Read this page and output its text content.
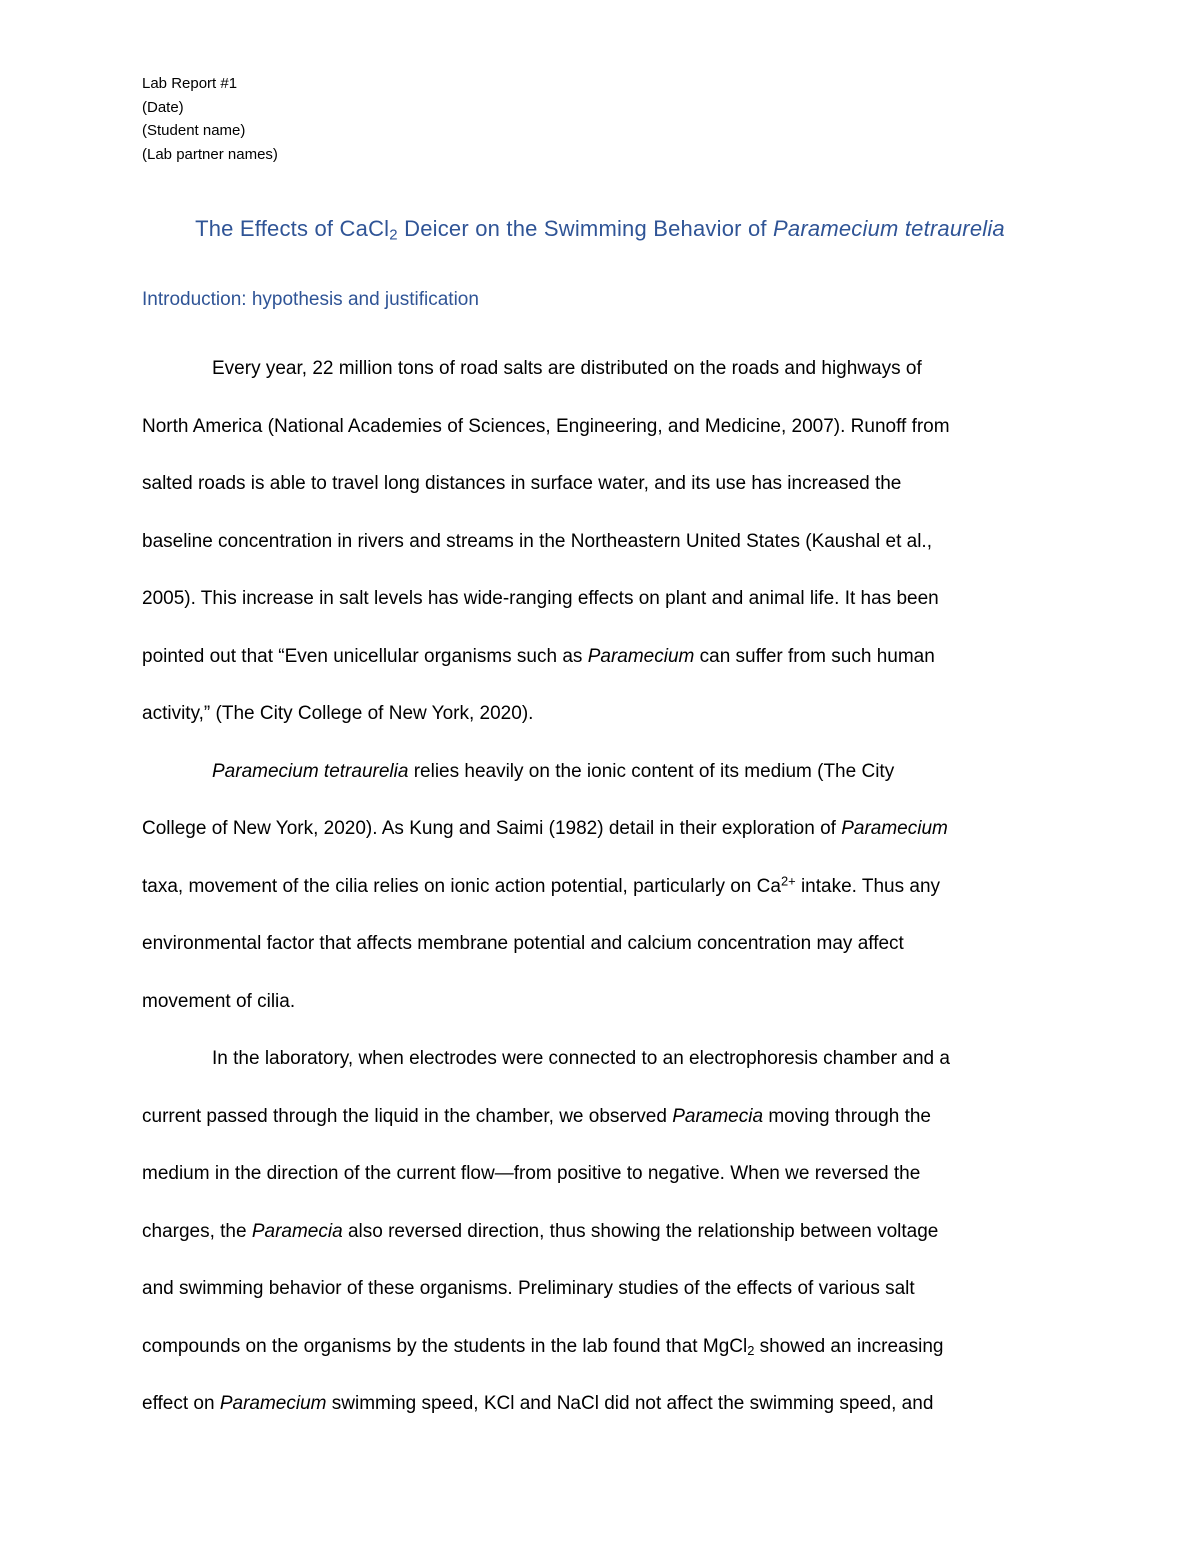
Lab Report #1
(Date)
(Student name)
(Lab partner names)
The Effects of CaCl$_2$ Deicer on the Swimming Behavior of Paramecium tetraurelia
Introduction: hypothesis and justification
Every year, 22 million tons of road salts are distributed on the roads and highways of
North America (National Academies of Sciences, Engineering, and Medicine, 2007). Runoff from
salted roads is able to travel long distances in surface water, and its use has increased the
baseline concentration in rivers and streams in the Northeastern United States (Kaushal et al.,
2005). This increase in salt levels has wide-ranging effects on plant and animal life. It has been
pointed out that “Even unicellular organisms such as Paramecium can suffer from such human
activity,” (The City College of New York, 2020).
Paramecium tetraurelia relies heavily on the ionic content of its medium (The City
College of New York, 2020). As Kung and Saimi (1982) detail in their exploration of Paramecium
taxa, movement of the cilia relies on ionic action potential, particularly on $Ca^{2+}$ intake. Thus any
environmental factor that affects membrane potential and calcium concentration may affect
movement of cilia.
In the laboratory, when electrodes were connected to an electrophoresis chamber and a
current passed through the liquid in the chamber, we observed Paramecia moving through the
medium in the direction of the current flow—from positive to negative. When we reversed the
charges, the Paramecia also reversed direction, thus showing the relationship between voltage
and swimming behavior of these organisms. Preliminary studies of the effects of various salt
compounds on the organisms by the students in the lab found that MgCl$_2$ showed an increasing
effect on Paramecium swimming speed, KCl and NaCl did not affect the swimming speed, and
